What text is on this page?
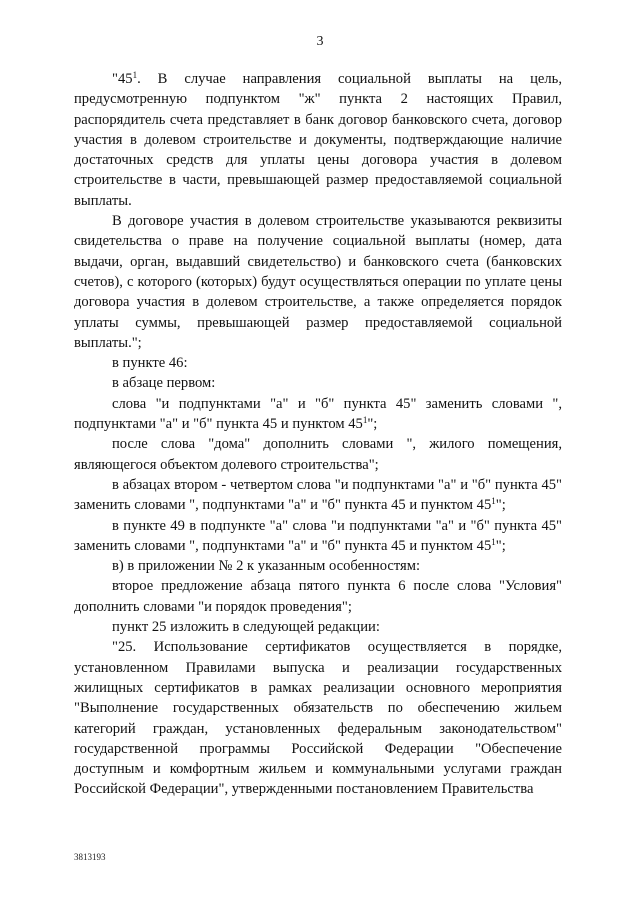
3

"$45^1$. В случае направления социальной выплаты на цель, предусмотренную подпунктом "ж" пункта 2 настоящих Правил, распорядитель счета представляет в банк договор банковского счета, договор участия в долевом строительстве и документы, подтверждающие наличие достаточных средств для уплаты цены договора участия в долевом строительстве в части, превышающей размер предоставляемой социальной выплаты.

В договоре участия в долевом строительстве указываются реквизиты свидетельства о праве на получение социальной выплаты (номер, дата выдачи, орган, выдавший свидетельство) и банковского счета (банковских счетов), с которого (которых) будут осуществляться операции по уплате цены договора участия в долевом строительстве, а также определяется порядок уплаты суммы, превышающей размер предоставляемой социальной выплаты.";

в пункте 46:

в абзаце первом:

слова "и подпунктами "а" и "б" пункта 45" заменить словами ", подпунктами "а" и "б" пункта 45 и пунктом $45^1$";

после слова "дома" дополнить словами ", жилого помещения, являющегося объектом долевого строительства";

в абзацах втором - четвертом слова "и подпунктами "а" и "б" пункта 45" заменить словами ", подпунктами "а" и "б" пункта 45 и пунктом $45^1$";

в пункте 49 в подпункте "а" слова "и подпунктами "а" и "б" пункта 45" заменить словами ", подпунктами "а" и "б" пункта 45 и пунктом $45^1$";

в) в приложении № 2 к указанным особенностям:

второе предложение абзаца пятого пункта 6 после слова "Условия" дополнить словами "и порядок проведения";

пункт 25 изложить в следующей редакции:

"25. Использование сертификатов осуществляется в порядке, установленном Правилами выпуска и реализации государственных жилищных сертификатов в рамках реализации основного мероприятия "Выполнение государственных обязательств по обеспечению жильем категорий граждан, установленных федеральным законодательством" государственной программы Российской Федерации "Обеспечение доступным и комфортным жильем и коммунальными услугами граждан Российской Федерации", утвержденными постановлением Правительства

3813193
